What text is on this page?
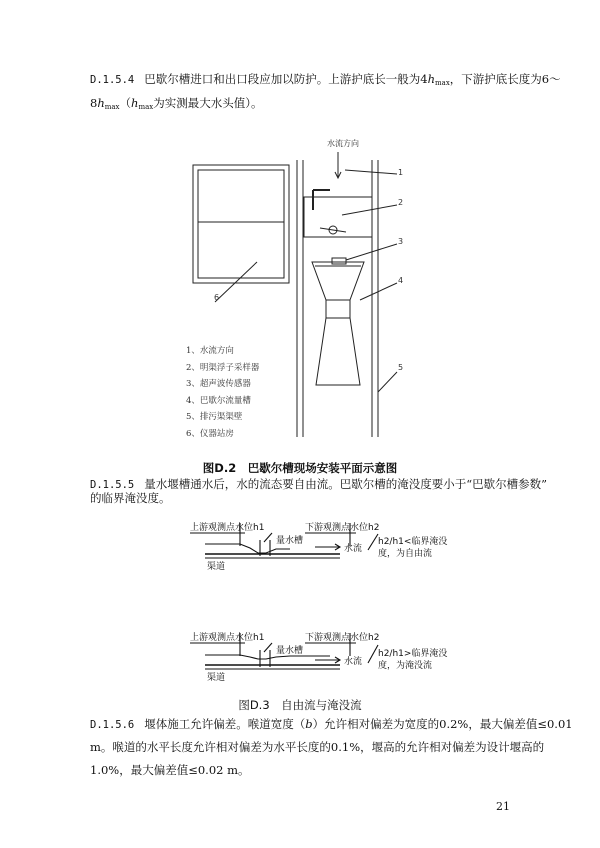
D.1.5.4 巴歇尔槽进口和出口段应加以防护。上游护底长一般为$4h_{max}$，下游护底长度为6～
$8h_{max}(h_{max}$为实测最大水头值）。
水流方向
1
2
3
4
5
6
1、水流方向
2、明渠浮子采样器
3、超声波传感器
4、巴歇尔流量槽
5、排污渠渠壁
6、仪器站房
图D.2　巴歇尔槽现场安装平面示意图
D.1.5.5 量水堰槽通水后，水的流态要自由流。巴歇尔槽的淹没度要小于“巴歇尔槽参数”
的临界淹没度。
上游观测点水位h1	下游观测点水位h2
量水槽
水流
渠道
h2/h1<临界淹没
度，为自由流
上游观测点水位h1	下游观测点水位h2
量水槽
水流
渠道
h2/h1>临界淹没
度，为淹没流
图D.3　自由流与淹没流
D.1.5.6 堰体施工允许偏差。喉道宽度（b）允许相对偏差为宽度的0.2%，最大偏差值≤0.01
m。喉道的水平长度允许相对偏差为水平长度的0.1%，堰高的允许相对偏差为设计堰高的
1.0%，最大偏差值≤0.02 m。
21
